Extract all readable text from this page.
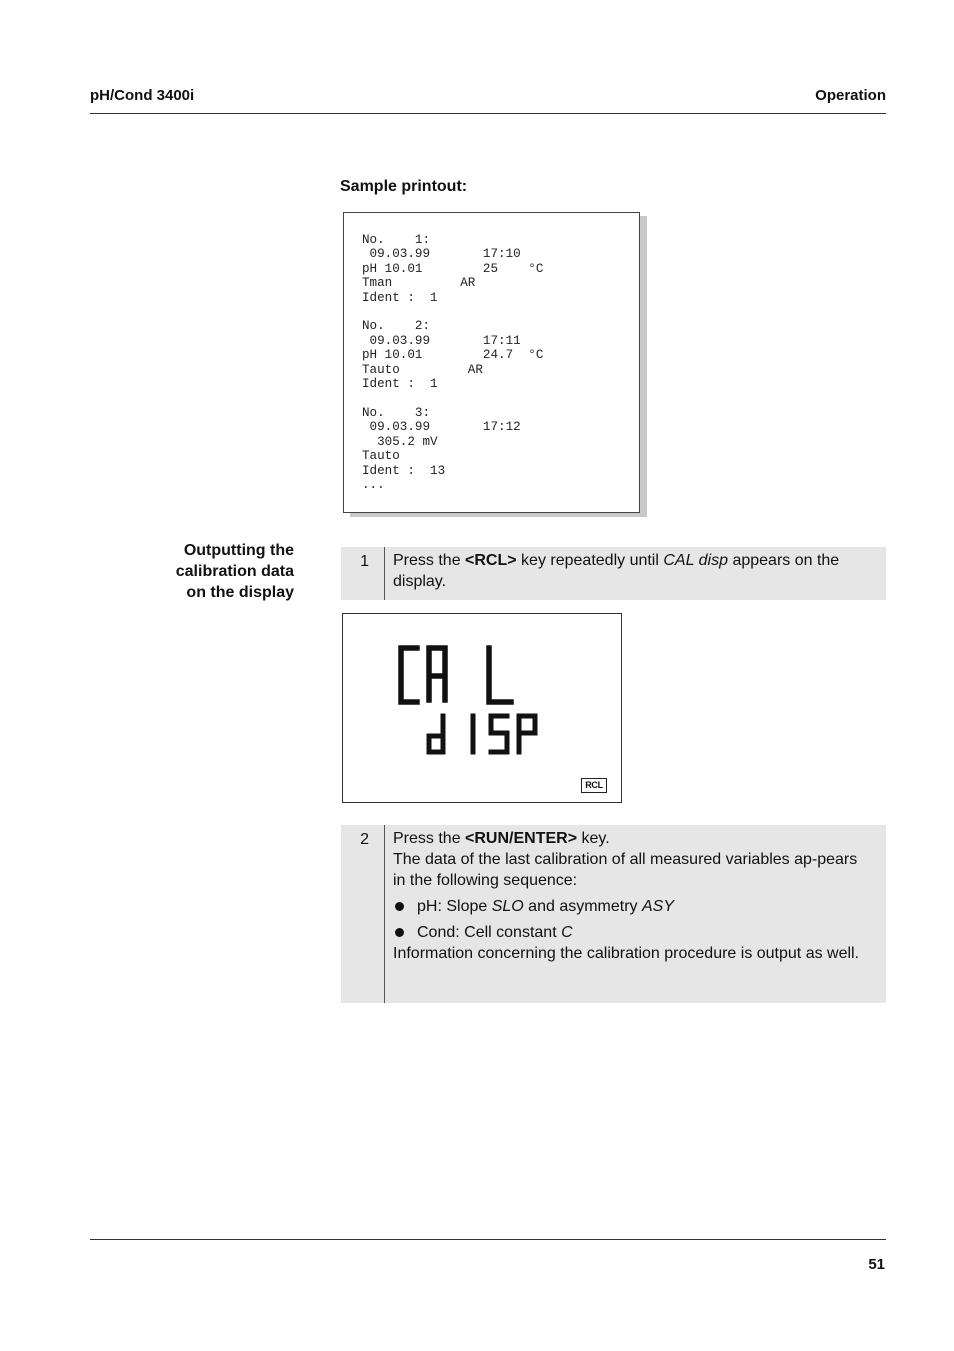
pH/Cond 3400i	Operation
Sample printout:
No.    1:
09.03.99       17:10
pH 10.01        25    °C
Tman         AR
Ident :  1

No.    2:
09.03.99       17:11
pH 10.01        24.7  °C
Tauto         AR
Ident :  1

No.    3:
09.03.99       17:12
305.2 mV
Tauto
Ident :  13
...
Outputting the
calibration data
on the display
1 Press the <RCL> key repeatedly until CAL disp appears on the display.
RCL
2 Press the <RUN/ENTER> key.

The data of the last calibration of all measured variables ap-pears in the following sequence:

pH: Slope SLO and asymmetry ASY
Cond: Cell constant C

Information concerning the calibration procedure is output as well.

51
